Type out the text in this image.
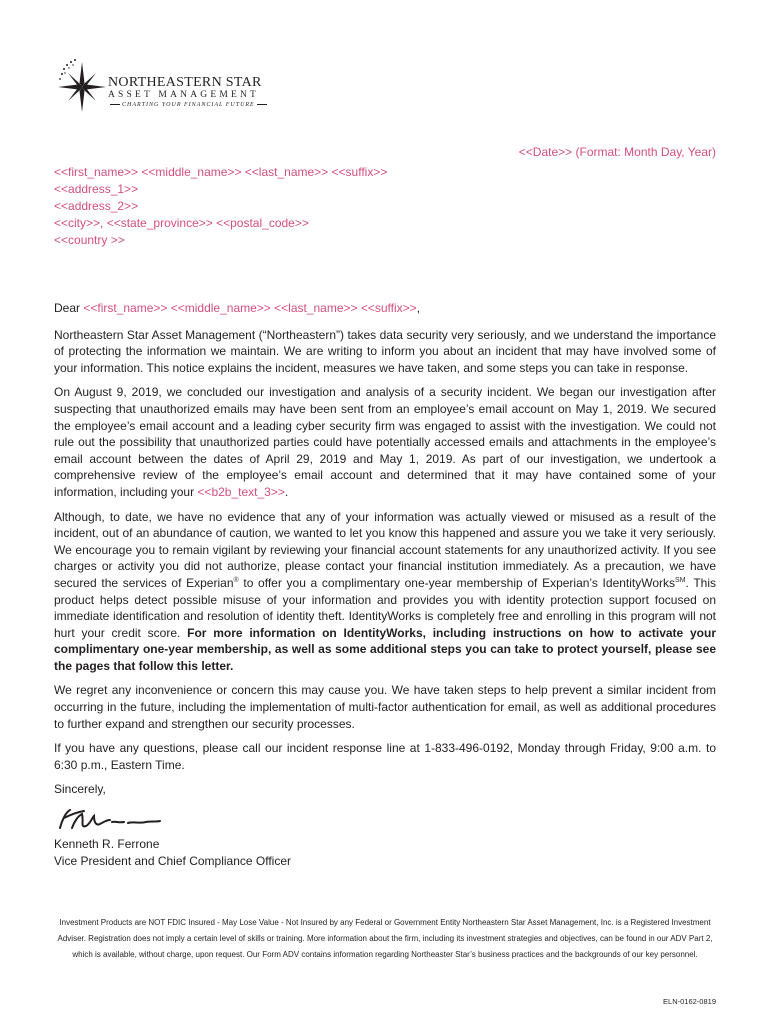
NORTHEASTERN STAR
ASSET MANAGEMENT
CHARTING YOUR FINANCIAL FUTURE
<<Date>> (Format: Month Day, Year)
<<first_name>> <<middle_name>> <<last_name>> <<suffix>>
<<address_1>>
<<address_2>>
<<city>>, <<state_province>> <<postal_code>>
<<country >>

Dear <<first_name>> <<middle_name>> <<last_name>> <<suffix>>,

Northeastern Star Asset Management (“Northeastern”) takes data security very seriously, and we understand the importance of protecting the information we maintain. We are writing to inform you about an incident that may have involved some of your information. This notice explains the incident, measures we have taken, and some steps you can take in response.

On August 9, 2019, we concluded our investigation and analysis of a security incident. We began our investigation after suspecting that unauthorized emails may have been sent from an employee’s email account on May 1, 2019. We secured the employee’s email account and a leading cyber security firm was engaged to assist with the investigation. We could not rule out the possibility that unauthorized parties could have potentially accessed emails and attachments in the employee’s email account between the dates of April 29, 2019 and May 1, 2019. As part of our investigation, we undertook a comprehensive review of the employee’s email account and determined that it may have contained some of your information, including your <<b2b_text_3>>.

Although, to date, we have no evidence that any of your information was actually viewed or misused as a result of the incident, out of an abundance of caution, we wanted to let you know this happened and assure you we take it very seriously. We encourage you to remain vigilant by reviewing your financial account statements for any unauthorized activity. If you see charges or activity you did not authorize, please contact your financial institution immediately. As a precaution, we have secured the services of Experian® to offer you a complimentary one-year membership of Experian’s IdentityWorks℠. This product helps detect possible misuse of your information and provides you with identity protection support focused on immediate identification and resolution of identity theft. IdentityWorks is completely free and enrolling in this program will not hurt your credit score. For more information on IdentityWorks, including instructions on how to activate your complimentary one-year membership, as well as some additional steps you can take to protect yourself, please see the pages that follow this letter.

We regret any inconvenience or concern this may cause you. We have taken steps to help prevent a similar incident from occurring in the future, including the implementation of multi-factor authentication for email, as well as additional procedures to further expand and strengthen our security processes.

If you have any questions, please call our incident response line at 1-833-496-0192, Monday through Friday, 9:00 a.m. to 6:30 p.m., Eastern Time.

Sincerely,

Kenneth R. Ferrone

Vice President and Chief Compliance Officer

Investment Products are NOT FDIC Insured - May Lose Value - Not Insured by any Federal or Government Entity Northeastern Star Asset Management, Inc. is a Registered Investment Adviser. Registration does not imply a certain level of skills or training. More information about the firm, including its investment strategies and objectives, can be found in our ADV Part 2, which is available, without charge, upon request. Our Form ADV contains information regarding Northeaster Star’s business practices and the backgrounds of our key personnel.
ELN-0162-0819
